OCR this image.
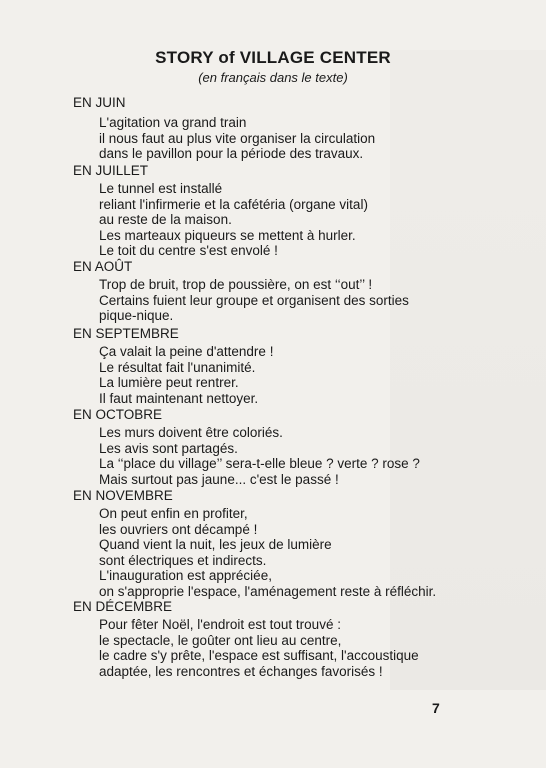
STORY of VILLAGE CENTER
(en français dans le texte)
EN JUIN
L'agitation va grand train
il nous faut au plus vite organiser la circulation
dans le pavillon pour la période des travaux.
EN JUILLET
Le tunnel est installé
reliant l'infirmerie et la cafétéria (organe vital)
au reste de la maison.
Les marteaux piqueurs se mettent à hurler.
Le toit du centre s'est envolé !
EN AOÛT
Trop de bruit, trop de poussière, on est ‘‘out’’ !
Certains fuient leur groupe et organisent des sorties
pique-nique.
EN SEPTEMBRE
Ça valait la peine d'attendre !
Le résultat fait l'unanimité.
La lumière peut rentrer.
Il faut maintenant nettoyer.
EN OCTOBRE
Les murs doivent être coloriés.
Les avis sont partagés.
La ‘‘place du village’’ sera-t-elle bleue ? verte ? rose ?
Mais surtout pas jaune... c'est le passé !
EN NOVEMBRE
On peut enfin en profiter,
les ouvriers ont décampé !
Quand vient la nuit, les jeux de lumière
sont électriques et indirects.
L'inauguration est appréciée,
on s'approprie l'espace, l'aménagement reste à réfléchir.
EN DÉCEMBRE
Pour fêter Noël, l'endroit est tout trouvé :
le spectacle, le goûter ont lieu au centre,
le cadre s'y prête, l'espace est suffisant, l'accoustique
adaptée, les rencontres et échanges favorisés !
7
